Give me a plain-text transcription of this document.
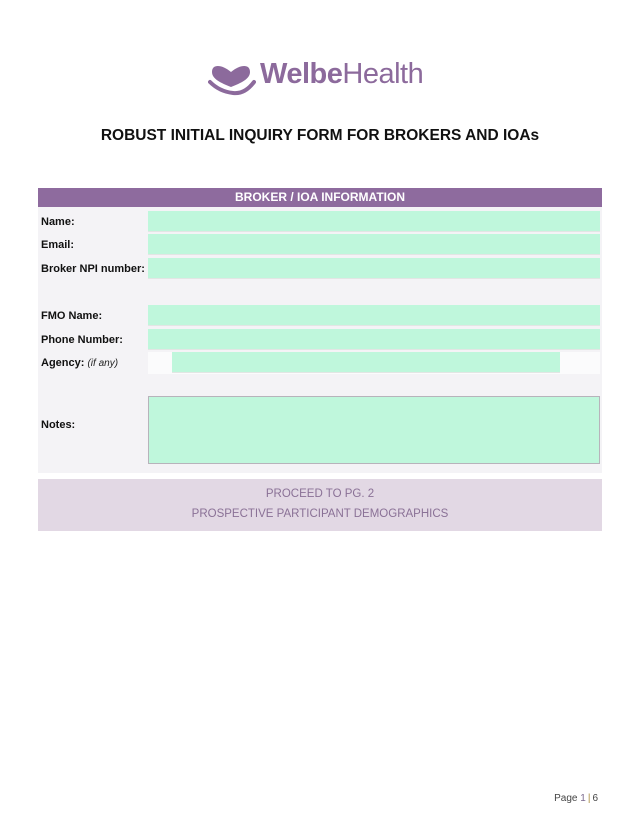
WelbeHealth
ROBUST INITIAL INQUIRY FORM FOR BROKERS AND IOAs
BROKER / IOA INFORMATION
Name:
Email:
Broker NPI number:
FMO Name:
Phone Number:
Agency: (if any)
Notes:
PROCEED TO PG. 2
PROSPECTIVE PARTICIPANT DEMOGRAPHICS
Page 1 | 6
